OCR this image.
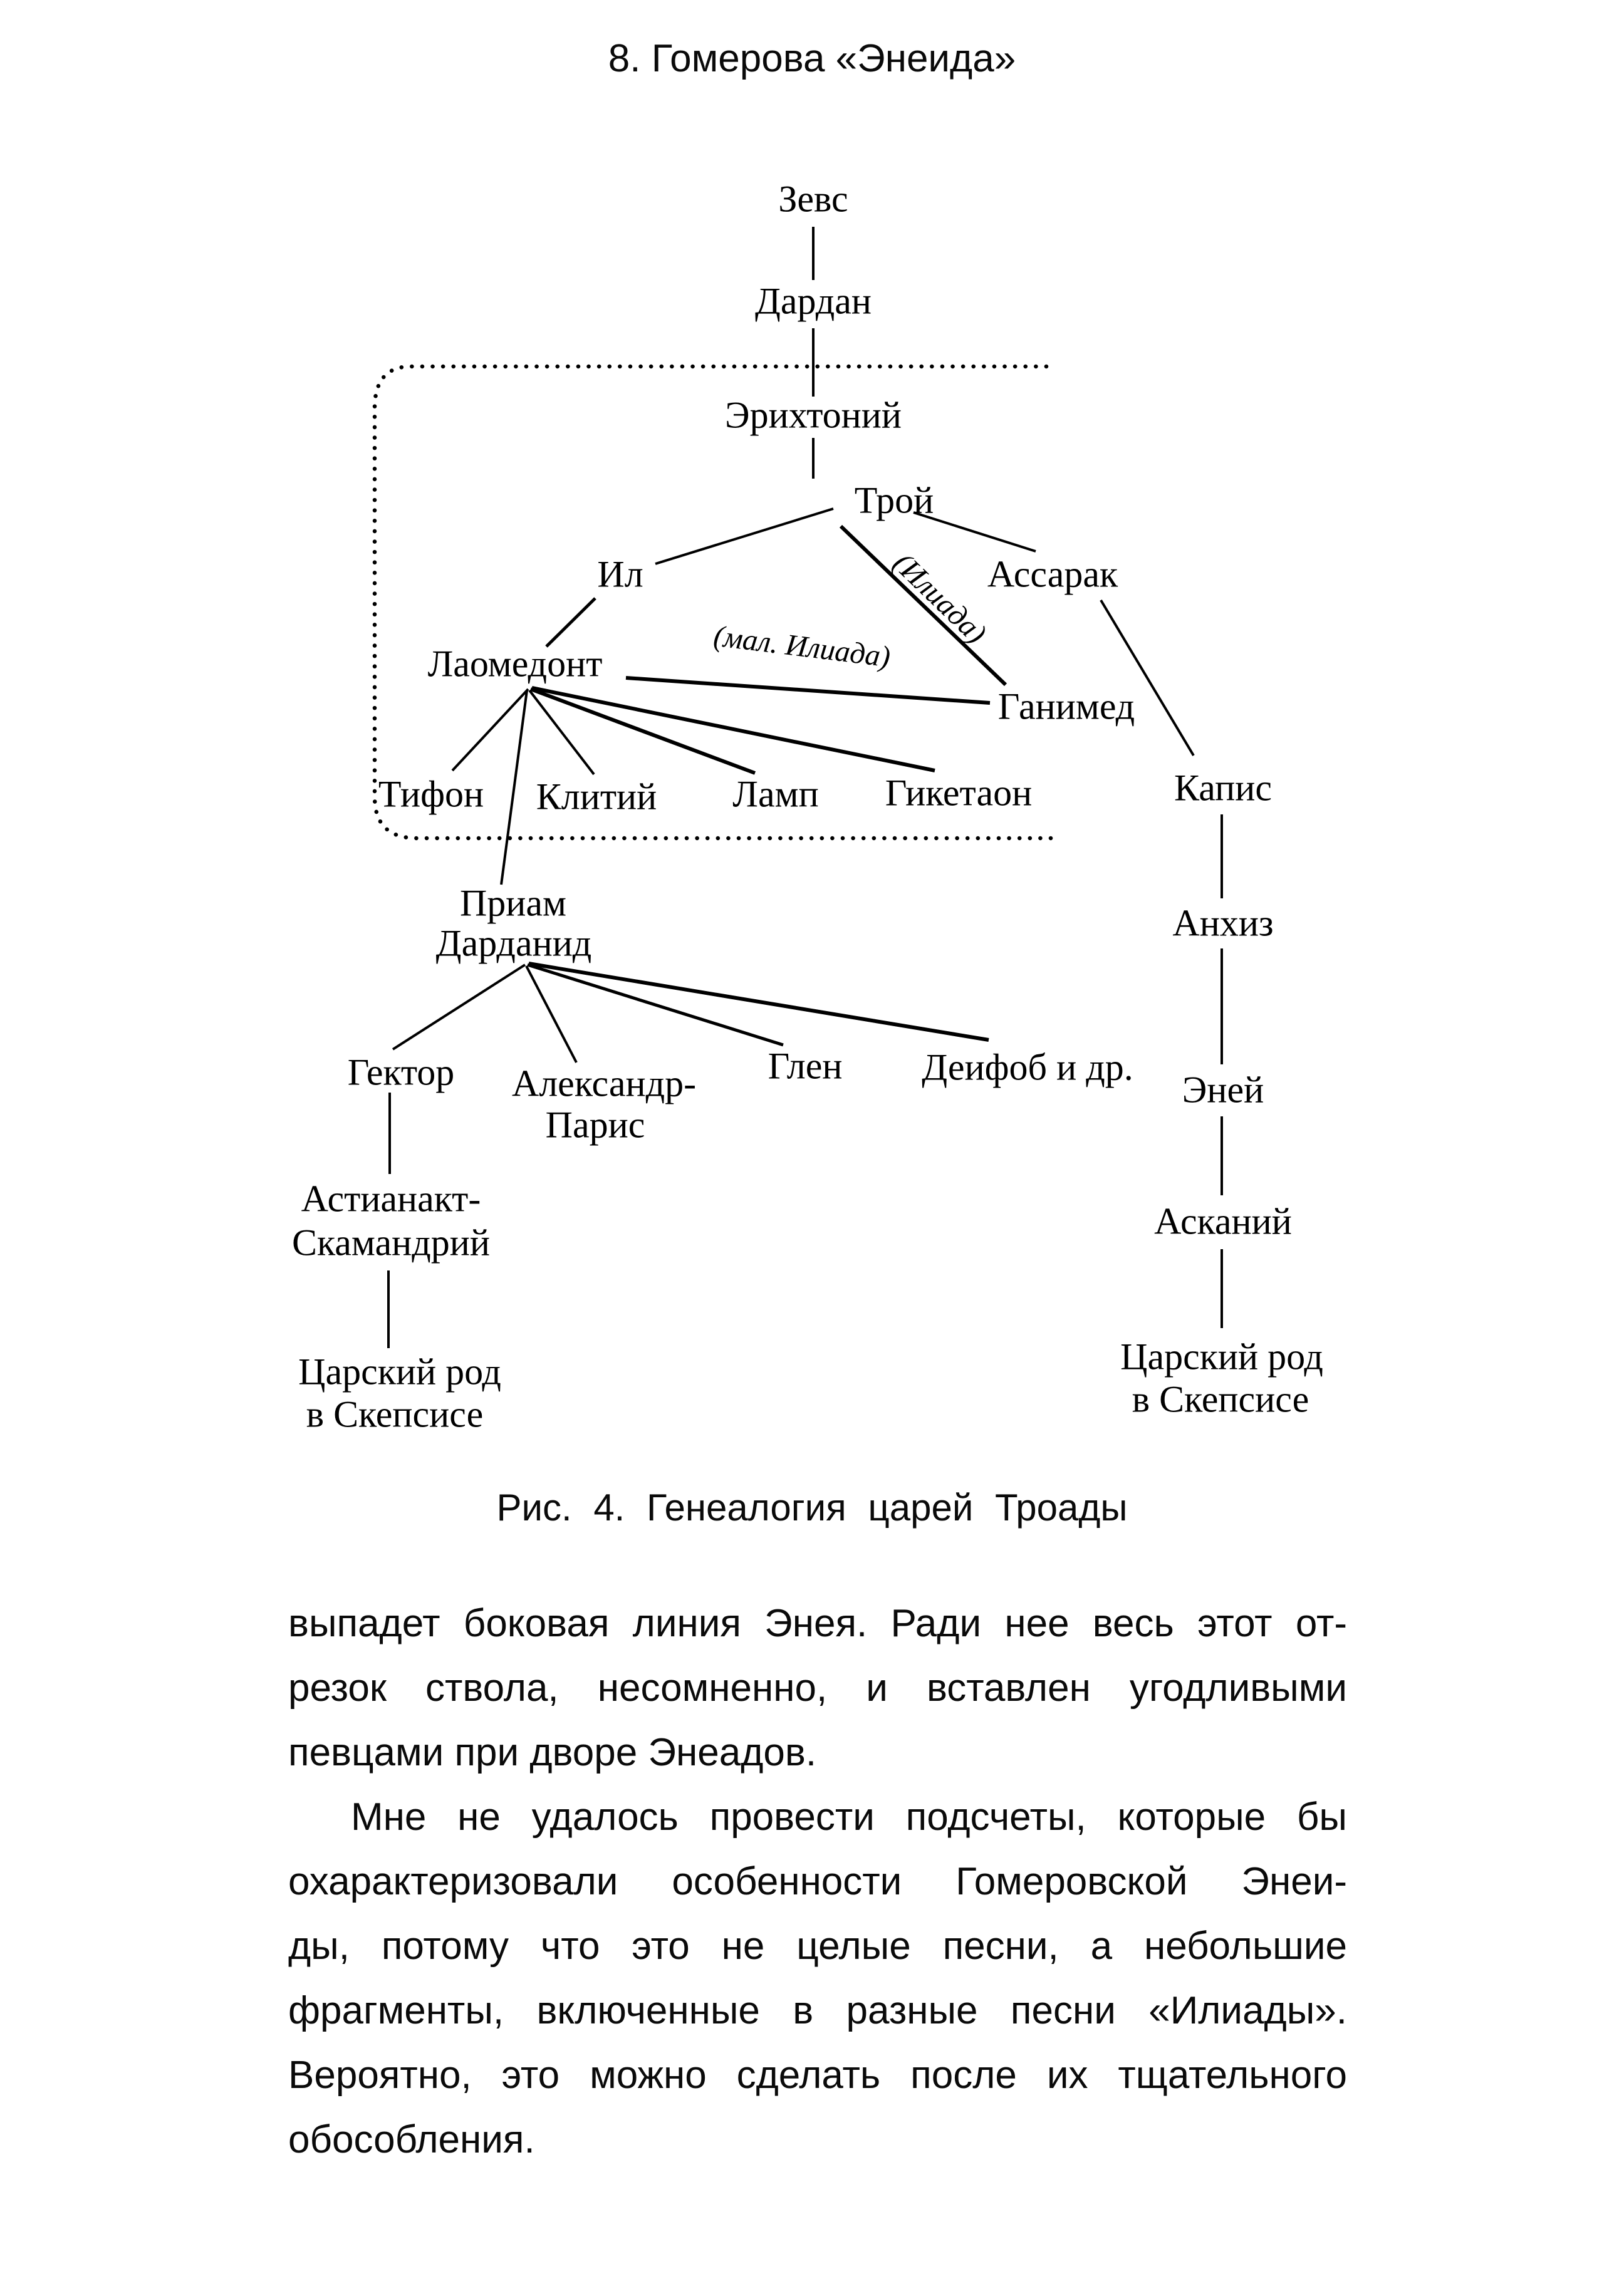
8. Гомерова «Энеида»
Зевс
Дардан
Эрихтоний
Трой
Ил	Ассарак
Лаомедонт
Ганимед
Тифон Клитий Ламп Гикетаон	Капис
Приам
Дарданид	Анхиз
Гектор Александр-
Парис
Глен Деифоб и др.
Эней
Астианакт-
Скамандрий
Асканий
Царский род
в Скепсисе
Царский род
в Скепсисе
(Илиада)
(мал. Илиада)
Рис. 4. Генеалогия царей Троады
выпадет боковая линия Энея. Ради нее весь этот от-
резок ствола, несомненно, и вставлен угодливыми
певцами при дворе Энеадов.
Мне не удалось провести подсчеты, которые бы
охарактеризовали особенности Гомеровской Энеи-
ды, потому что это не целые песни, а небольшие
фрагменты, включенные в разные песни «Илиады».
Вероятно, это можно сделать после их тщательного
обособления.
